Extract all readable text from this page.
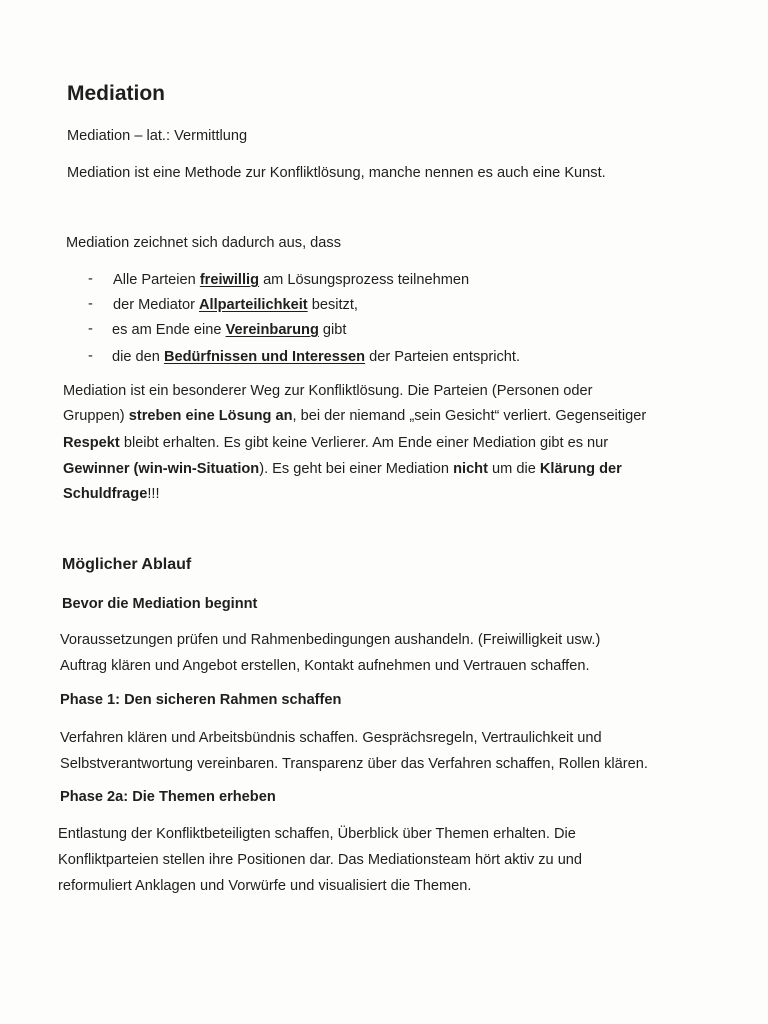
Mediation
Mediation – lat.: Vermittlung
Mediation ist eine Methode zur Konfliktlösung, manche nennen es auch eine Kunst.
Mediation zeichnet sich dadurch aus, dass
- Alle Parteien freiwillig am Lösungsprozess teilnehmen
- der Mediator Allparteilichkeit besitzt,
- es am Ende eine Vereinbarung gibt
- die den Bedürfnissen und Interessen der Parteien entspricht.
Mediation ist ein besonderer Weg zur Konfliktlösung. Die Parteien (Personen oder
Gruppen) streben eine Lösung an, bei der niemand „sein Gesicht“ verliert. Gegenseitiger
Respekt bleibt erhalten. Es gibt keine Verlierer. Am Ende einer Mediation gibt es nur
Gewinner (win-win-Situation). Es geht bei einer Mediation nicht um die Klärung der
Schuldfrage!!!
Möglicher Ablauf
Bevor die Mediation beginnt
Voraussetzungen prüfen und Rahmenbedingungen aushandeln. (Freiwilligkeit usw.)
Auftrag klären und Angebot erstellen, Kontakt aufnehmen und Vertrauen schaffen.
Phase 1: Den sicheren Rahmen schaffen
Verfahren klären und Arbeitsbündnis schaffen. Gesprächsregeln, Vertraulichkeit und
Selbstverantwortung vereinbaren. Transparenz über das Verfahren schaffen, Rollen klären.
Phase 2a: Die Themen erheben
Entlastung der Konfliktbeteiligten schaffen, Überblick über Themen erhalten. Die
Konfliktparteien stellen ihre Positionen dar. Das Mediationsteam hört aktiv zu und
reformuliert Anklagen und Vorwürfe und visualisiert die Themen.
